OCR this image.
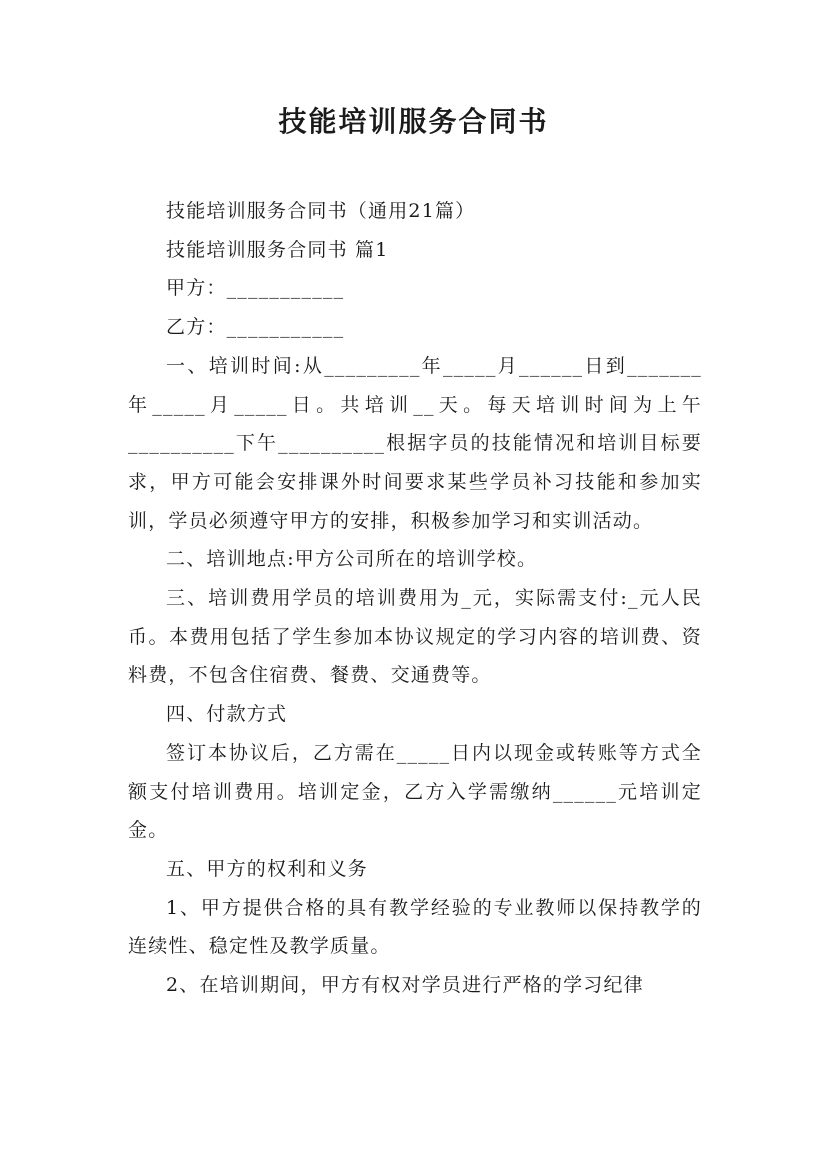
技能培训服务合同书

技能培训服务合同书（通用21篇）

技能培训服务合同书 篇1

甲方：___________

乙方：___________

一、培训时间:从_________年_____月______日到_______年_____月_____日。共培训__天。每天培训时间为上午__________下午__________根据字员的技能情况和培训目标要求，甲方可能会安排课外时间要求某些学员补习技能和参加实训，学员必须遵守甲方的安排，积极参加学习和实训活动。

二、培训地点:甲方公司所在的培训学校。

三、培训费用学员的培训费用为_元，实际需支付:_元人民币。本费用包括了学生参加本协议规定的学习内容的培训费、资料费，不包含住宿费、餐费、交通费等。

四、付款方式

签订本协议后，乙方需在_____日内以现金或转账等方式全额支付培训费用。培训定金，乙方入学需缴纳______元培训定金。

五、甲方的权利和义务

1、甲方提供合格的具有教学经验的专业教师以保持教学的连续性、稳定性及教学质量。

2、在培训期间，甲方有权对学员进行严格的学习纪律
